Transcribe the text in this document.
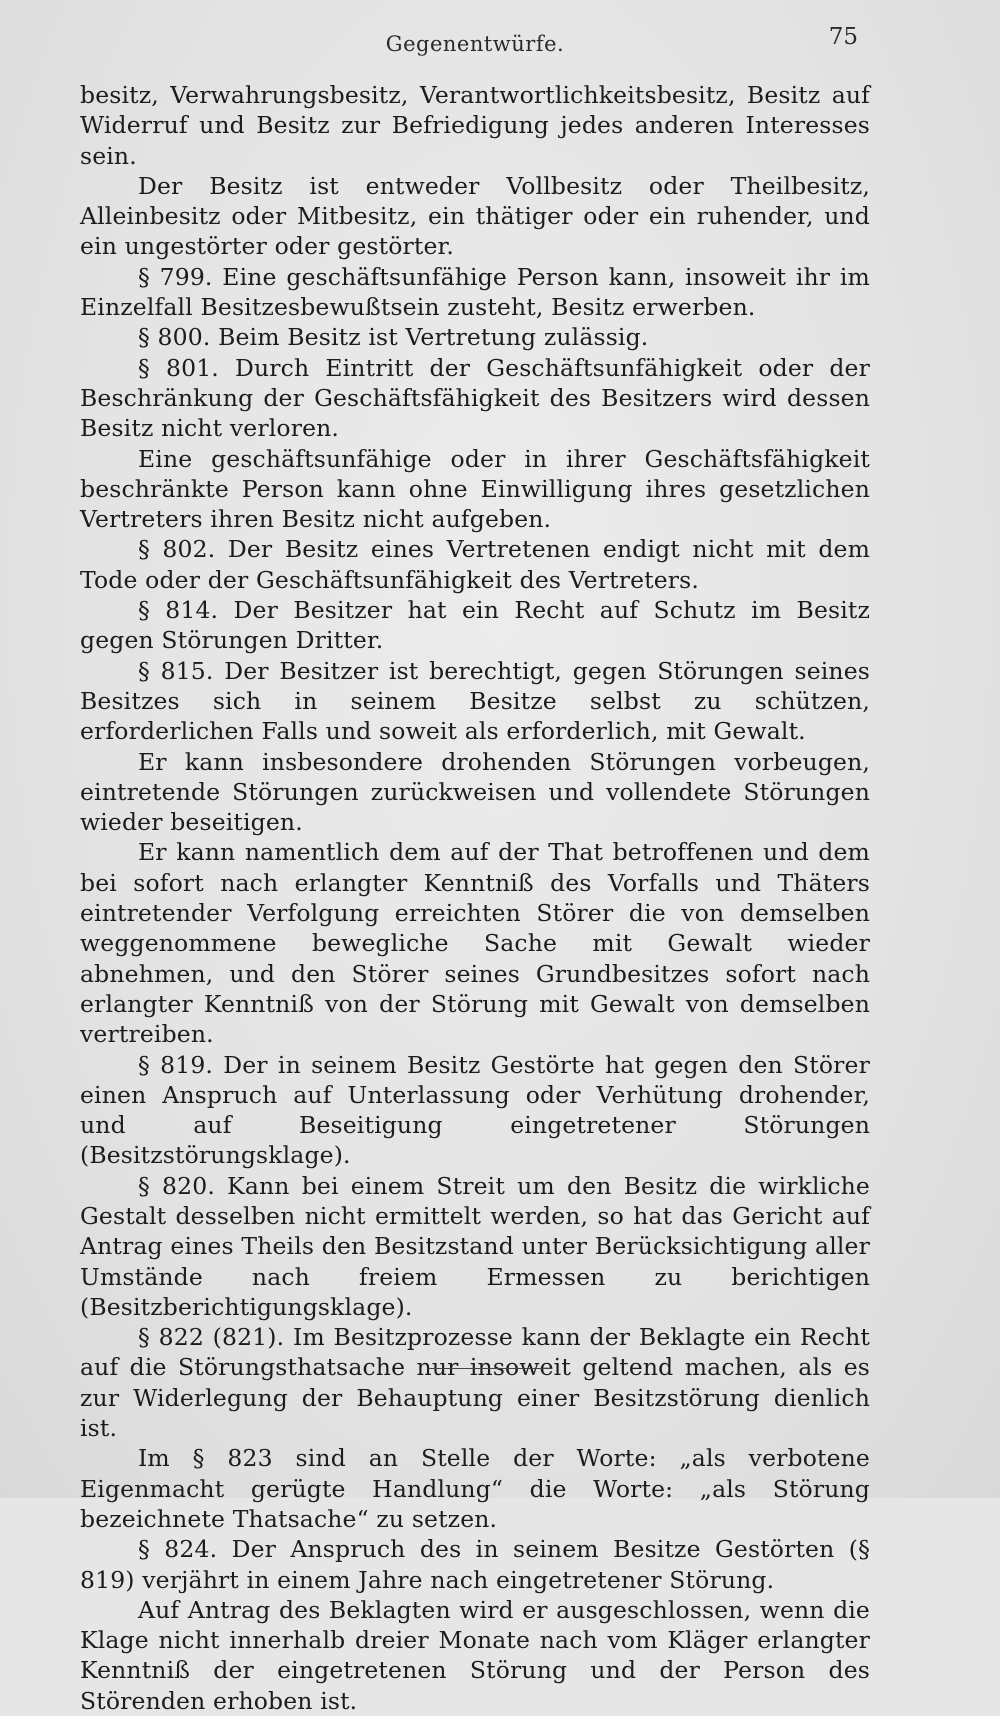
Gegenentwürfe.	75

besitz, Verwahrungsbesitz, Verantwortlichkeitsbesitz, Besitz auf Widerruf und Besitz zur Befriedigung jedes anderen Interesses sein.

Der Besitz ist entweder Vollbesitz oder Theilbesitz, Alleinbesitz oder Mitbesitz, ein thätiger oder ein ruhender, und ein ungestörter oder gestörter.

§ 799. Eine geschäftsunfähige Person kann, insoweit ihr im Einzelfall Besitzesbewußtsein zusteht, Besitz erwerben.

§ 800. Beim Besitz ist Vertretung zulässig.

§ 801. Durch Eintritt der Geschäftsunfähigkeit oder der Beschränkung der Geschäftsfähigkeit des Besitzers wird dessen Besitz nicht verloren.

Eine geschäftsunfähige oder in ihrer Geschäftsfähigkeit beschränkte Person kann ohne Einwilligung ihres gesetzlichen Vertreters ihren Besitz nicht aufgeben.

§ 802. Der Besitz eines Vertretenen endigt nicht mit dem Tode oder der Geschäftsunfähigkeit des Vertreters.

§ 814. Der Besitzer hat ein Recht auf Schutz im Besitz gegen Störungen Dritter.

§ 815. Der Besitzer ist berechtigt, gegen Störungen seines Besitzes sich in seinem Besitze selbst zu schützen, erforderlichen Falls und soweit als erforderlich, mit Gewalt.

Er kann insbesondere drohenden Störungen vorbeugen, eintretende Störungen zurückweisen und vollendete Störungen wieder beseitigen.

Er kann namentlich dem auf der That betroffenen und dem bei sofort nach erlangter Kenntniß des Vorfalls und Thäters eintretender Verfolgung erreichten Störer die von demselben weggenommene bewegliche Sache mit Gewalt wieder abnehmen, und den Störer seines Grundbesitzes sofort nach erlangter Kenntniß von der Störung mit Gewalt von demselben vertreiben.

§ 819. Der in seinem Besitz Gestörte hat gegen den Störer einen Anspruch auf Unterlassung oder Verhütung drohender, und auf Beseitigung eingetretener Störungen (Besitzstörungsklage).

§ 820. Kann bei einem Streit um den Besitz die wirkliche Gestalt desselben nicht ermittelt werden, so hat das Gericht auf Antrag eines Theils den Besitzstand unter Berücksichtigung aller Umstände nach freiem Ermessen zu berichtigen (Besitzberichtigungsklage).

§ 822 (821). Im Besitzprozesse kann der Beklagte ein Recht auf die Störungsthatsache nur insoweit geltend machen, als es zur Widerlegung der Behauptung einer Besitzstörung dienlich ist.

Im § 823 sind an Stelle der Worte: „als verbotene Eigenmacht gerügte Handlung“ die Worte: „als Störung bezeichnete Thatsache“ zu setzen.

§ 824. Der Anspruch des in seinem Besitze Gestörten (§ 819) verjährt in einem Jahre nach eingetretener Störung.

Auf Antrag des Beklagten wird er ausgeschlossen, wenn die Klage nicht innerhalb dreier Monate nach vom Kläger erlangter Kenntniß der eingetretenen Störung und der Person des Störenden erhoben ist.
